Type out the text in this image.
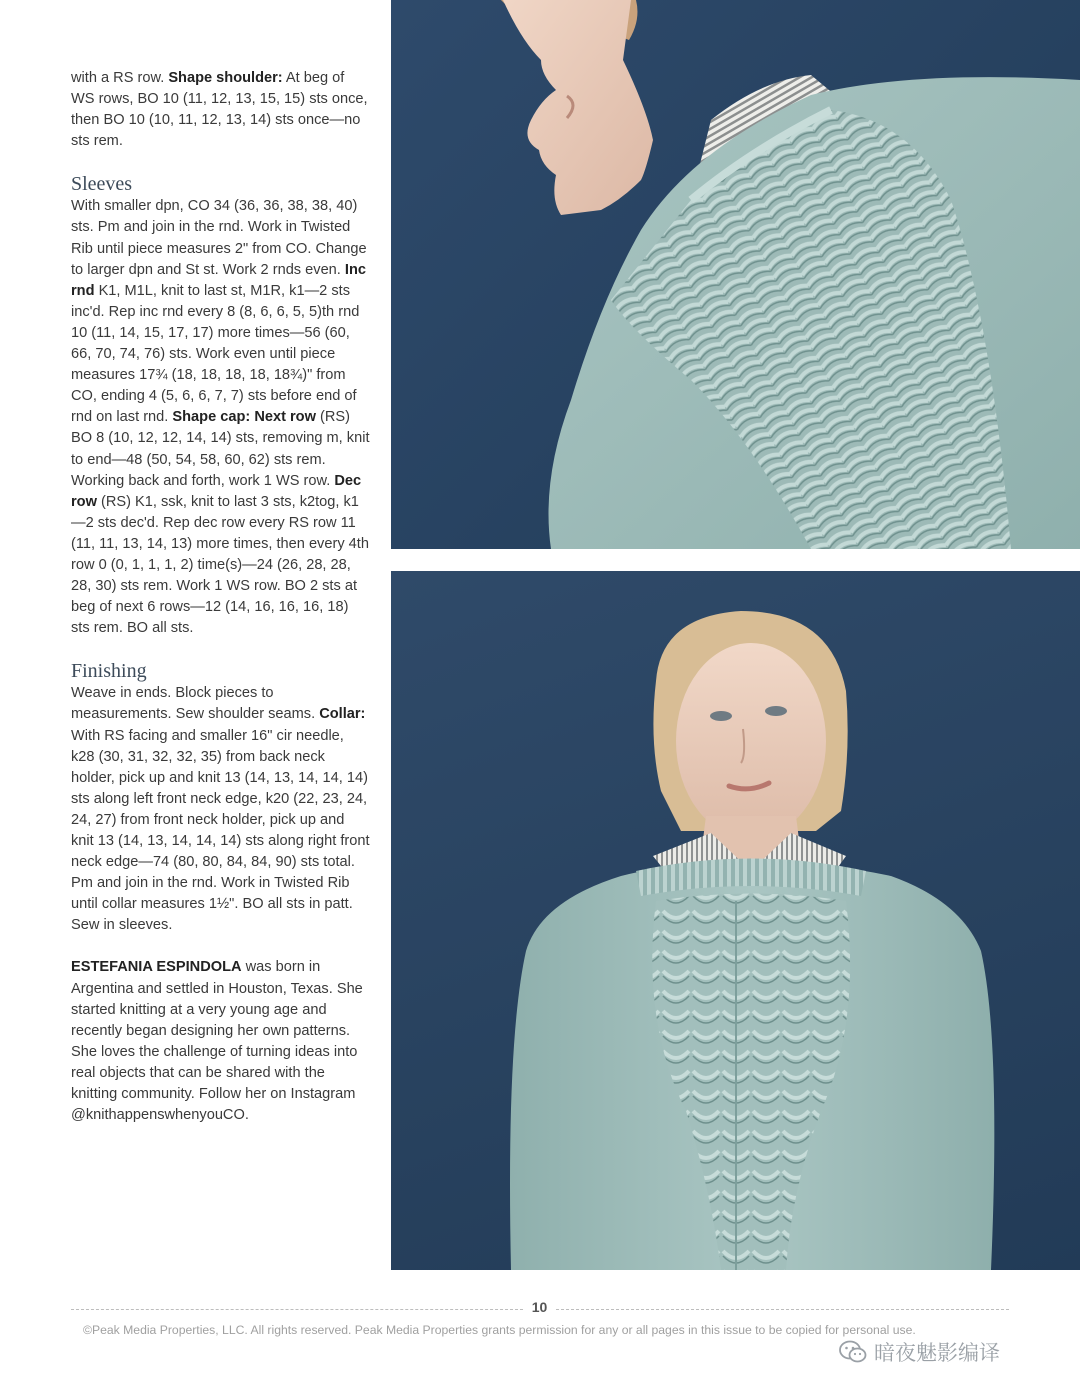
with a RS row. Shape shoulder: At beg of WS rows, BO 10 (11, 12, 13, 15, 15) sts once, then BO 10 (10, 11, 12, 13, 14) sts once—no sts rem.

Sleeves

With smaller dpn, CO 34 (36, 36, 38, 38, 40) sts. Pm and join in the rnd. Work in Twisted Rib until piece measures 2" from CO. Change to larger dpn and St st. Work 2 rnds even. Inc rnd K1, M1L, knit to last st, M1R, k1—2 sts inc'd. Rep inc rnd every 8 (8, 6, 6, 5, 5)th rnd 10 (11, 14, 15, 17, 17) more times—56 (60, 66, 70, 74, 76) sts. Work even until piece measures 17¾ (18, 18, 18, 18, 18¾)" from CO, ending 4 (5, 6, 6, 7, 7) sts before end of rnd on last rnd. Shape cap: Next row (RS) BO 8 (10, 12, 12, 14, 14) sts, removing m, knit to end—48 (50, 54, 58, 60, 62) sts rem. Working back and forth, work 1 WS row. Dec row (RS) K1, ssk, knit to last 3 sts, k2tog, k1—2 sts dec'd. Rep dec row every RS row 11 (11, 11, 13, 14, 13) more times, then every 4th row 0 (0, 1, 1, 1, 2) time(s)—24 (26, 28, 28, 28, 30) sts rem. Work 1 WS row. BO 2 sts at beg of next 6 rows—12 (14, 16, 16, 16, 18) sts rem. BO all sts.

Finishing

Weave in ends. Block pieces to measurements. Sew shoulder seams. Collar: With RS facing and smaller 16" cir needle, k28 (30, 31, 32, 32, 35) from back neck holder, pick up and knit 13 (14, 13, 14, 14, 14) sts along left front neck edge, k20 (22, 23, 24, 24, 27) from front neck holder, pick up and knit 13 (14, 13, 14, 14, 14) sts along right front neck edge—74 (80, 80, 84, 84, 90) sts total. Pm and join in the rnd. Work in Twisted Rib until collar measures 1½". BO all sts in patt. Sew in sleeves.

ESTEFANIA ESPINDOLA was born in Argentina and settled in Houston, Texas. She started knitting at a very young age and recently began designing her own patterns. She loves the challenge of turning ideas into real objects that can be shared with the knitting community. Follow her on Instagram @knithappenswhenyouCO.

10
©Peak Media Properties, LLC. All rights reserved. Peak Media Properties grants permission for any or all pages in this issue to be copied for personal use.
暗夜魅影编译
